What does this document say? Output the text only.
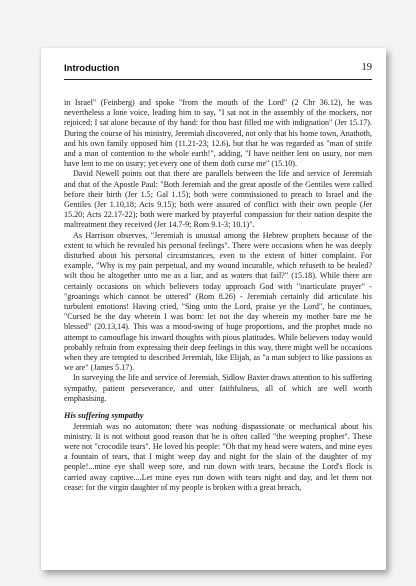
Introduction	19

in Israel" (Feinberg) and spoke "from the mouth of the Lord" (2 Chr 36.12), he was nevertheless a lone voice, leading him to say, "I sat not in the assembly of the mockers, nor rejoiced; I sat alone because of thy hand: for thou hast filled me with indignation" (Jer 15.17). During the course of his ministry, Jeremiah discovered, not only that his home town, Anathoth, and his own family opposed him (11.21-23; 12.6), but that he was regarded as "man of strife and a man of contention to the whole earth!", adding, "I have neither lent on usury, nor men have lent to me on usury; yet every one of them doth curse me" (15.10).

David Newell points out that there are parallels between the life and service of Jeremiah and that of the Apostle Paul: "Both Jeremiah and the great apostle of the Gentiles were called before their birth (Jer 1.5; Gal 1.15); both were commissioned to preach to Israel and the Gentiles (Jer 1.10,18; Acts 9.15); both were assured of conflict with their own people (Jer 15.20; Acts 22.17-22); both were marked by prayerful compassion for their nation despite the maltreatment they received (Jer 14.7-9; Rom 9.1-3; 10.1)".

As Harrison observes, "Jeremiah is unusual among the Hebrew prophets because of the extent to which he revealed his personal feelings". There were occasions when he was deeply disturbed about his personal circumstances, even to the extent of bitter complaint. For example, "Why is my pain perpetual, and my wound incurable, which refuseth to be healed? wilt thou be altogether unto me as a liar, and as waters that fail?" (15.18). While there are certainly occasions on which believers today approach God with "inarticulate prayer" - "groanings which cannot be uttered" (Rom 8.26) - Jeremiah certainly did articulate his turbulent emotions! Having cried, "Sing unto the Lord, praise ye the Lord", he continues, "Cursed be the day wherein I was born: let not the day wherein my mother bare me be blessed" (20.13,14). This was a mood-swing of huge proportions, and the prophet made no attempt to camouflage his inward thoughts with pious platitudes. While believers today would probably refrain from expressing their deep feelings in this way, there might well be occasions when they are tempted to described Jeremiah, like Elijah, as "a man subject to like passions as we are" (James 5.17).

In surveying the life and service of Jeremiah, Sidlow Baxter draws attention to his suffering sympathy, patient perseverance, and utter faithfulness, all of which are well worth emphasising.

His suffering sympathy

Jeremiah was no automaton: there was nothing dispassionate or mechanical about his ministry. It is not without good reason that he is often called "the weeping prophet". These were not "crocodile tears". He loved his people: "Oh that my head were waters, and mine eyes a fountain of tears, that I might weep day and night for the slain of the daughter of my people!...mine eye shall weep sore, and run down with tears, because the Lord's flock is carried away captive....Let mine eyes run down with tears night and day, and let them not cease: for the virgin daughter of my people is broken with a great breach,
